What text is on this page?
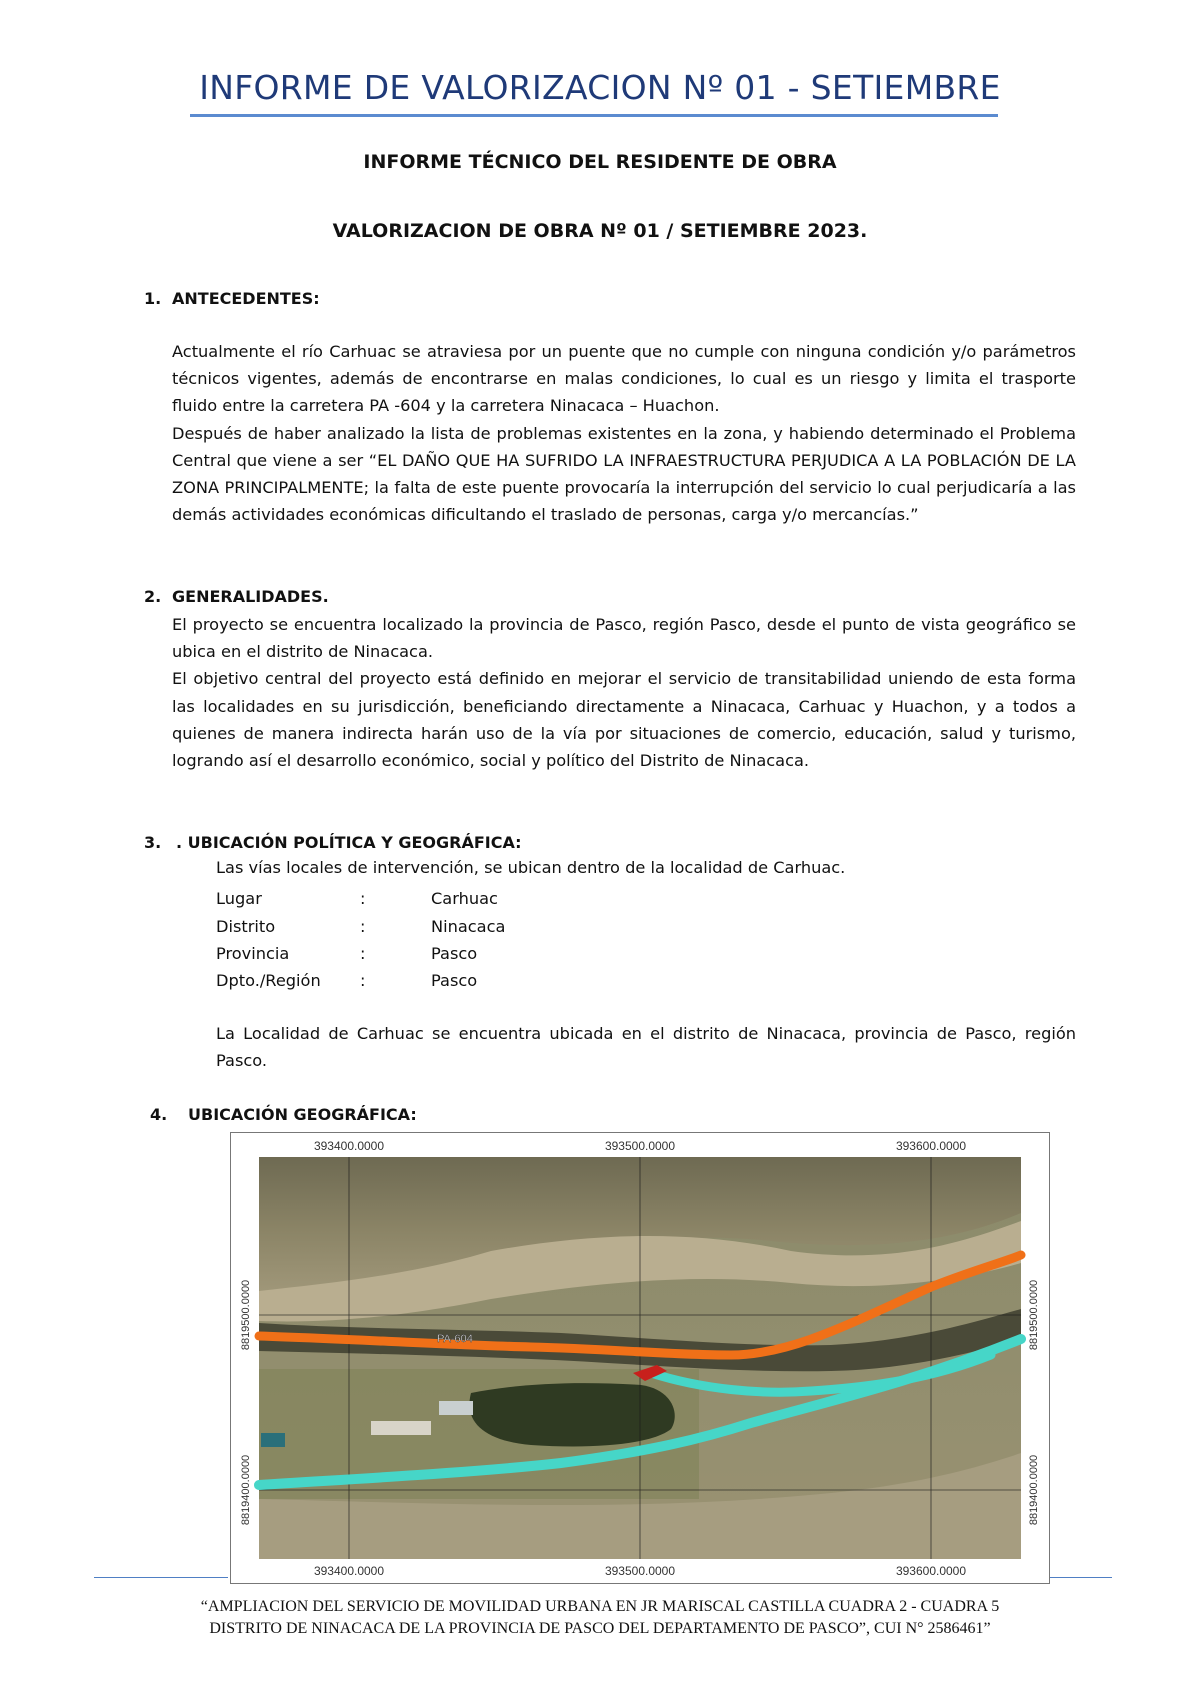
INFORME DE VALORIZACION Nº 01 - SETIEMBRE
INFORME TÉCNICO DEL RESIDENTE DE OBRA
VALORIZACION DE OBRA Nº 01 / SETIEMBRE 2023.
1. ANTECEDENTES:

Actualmente el río Carhuac se atraviesa por un puente que no cumple con ninguna condición y/o parámetros técnicos vigentes, además de encontrarse en malas condiciones, lo cual es un riesgo y limita el trasporte fluido entre la carretera PA -604 y la carretera Ninacaca – Huachon.

Después de haber analizado la lista de problemas existentes en la zona, y habiendo determinado el Problema Central que viene a ser “EL DAÑO QUE HA SUFRIDO LA INFRAESTRUCTURA PERJUDICA A LA POBLACIÓN DE LA ZONA PRINCIPALMENTE; la falta de este puente provocaría la interrupción del servicio lo cual perjudicaría a las demás actividades económicas dificultando el traslado de personas, carga y/o mercancías.”

2. GENERALIDADES.

El proyecto se encuentra localizado la provincia de Pasco, región Pasco, desde el punto de vista geográfico se ubica en el distrito de Ninacaca.

El objetivo central del proyecto está definido en mejorar el servicio de transitabilidad uniendo de esta forma las localidades en su jurisdicción, beneficiando directamente a Ninacaca, Carhuac y Huachon, y a todos a quienes de manera indirecta harán uso de la vía por situaciones de comercio, educación, salud y turismo, logrando así el desarrollo económico, social y político del Distrito de Ninacaca.

3. . UBICACIÓN POLÍTICA Y GEOGRÁFICA:
Las vías locales de intervención, se ubican dentro de la localidad de Carhuac.
Lugar	:	Carhuac
Distrito	:	Ninacaca
Provincia	:	Pasco
Dpto./Región	:	Pasco
La Localidad de Carhuac se encuentra ubicada en el distrito de Ninacaca, provincia de Pasco, región Pasco.
4. UBICACIÓN GEOGRÁFICA:
PA-604
393400.0000	393500.0000	393600.0000
393400.0000	393500.0000	393600.0000
8819500.0000
8819400.0000
8819500.0000
8819400.0000
“AMPLIACION DEL SERVICIO DE MOVILIDAD URBANA EN JR MARISCAL CASTILLA CUADRA 2 - CUADRA 5
DISTRITO DE NINACACA DE LA PROVINCIA DE PASCO DEL DEPARTAMENTO DE PASCO”, CUI N° 2586461”
